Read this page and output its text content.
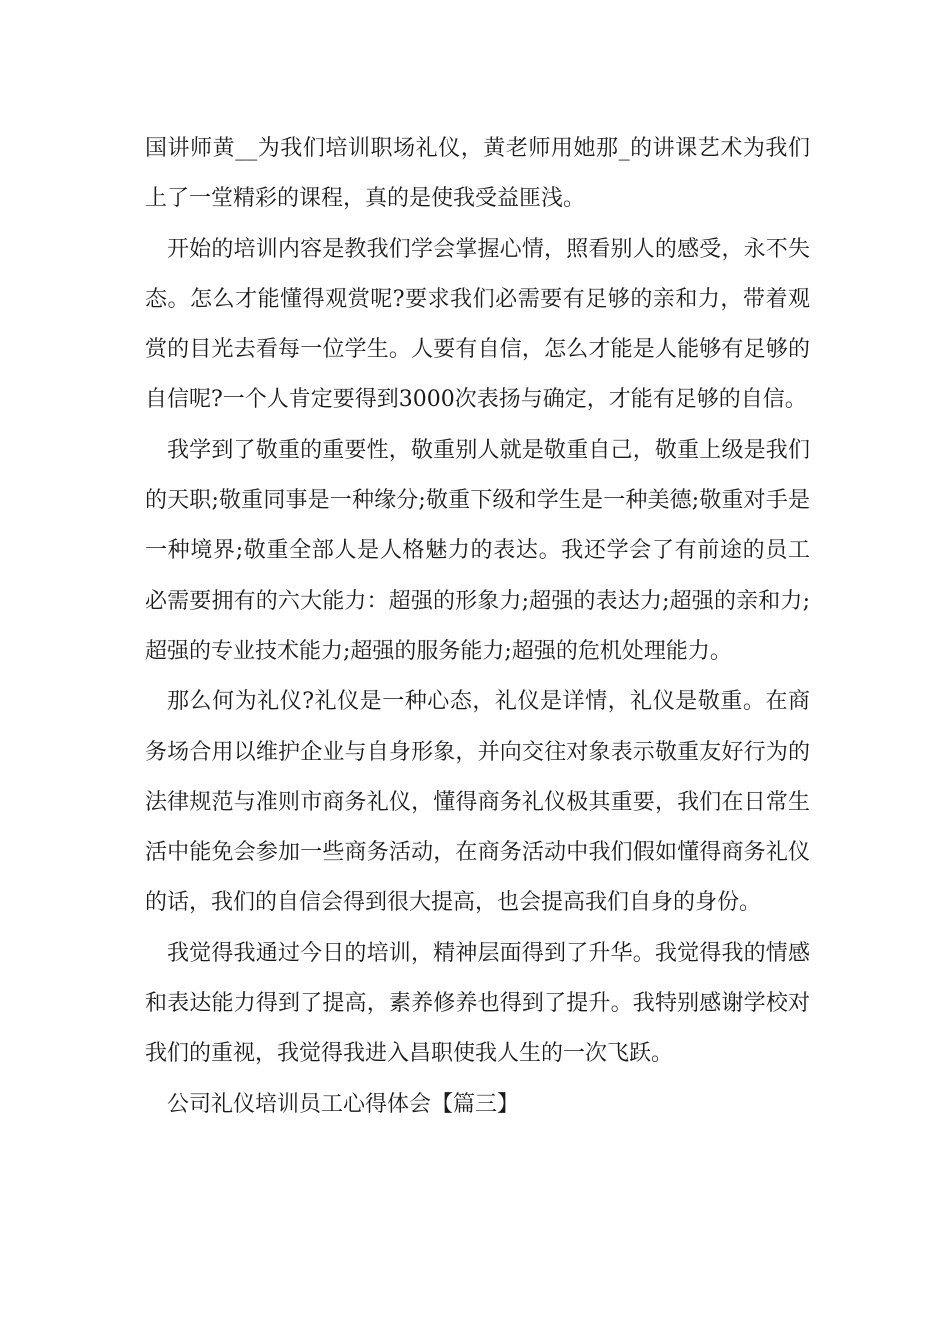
国讲师黄__为我们培训职场礼仪，黄老师用她那_的讲课艺术为我们上了一堂精彩的课程，真的是使我受益匪浅。

开始的培训内容是教我们学会掌握心情，照看别人的感受，永不失态。怎么才能懂得观赏呢?要求我们必需要有足够的亲和力，带着观赏的目光去看每一位学生。人要有自信，怎么才能是人能够有足够的自信呢?一个人肯定要得到3000次表扬与确定，才能有足够的自信。

我学到了敬重的重要性，敬重别人就是敬重自己，敬重上级是我们的天职;敬重同事是一种缘分;敬重下级和学生是一种美德;敬重对手是一种境界;敬重全部人是人格魅力的表达。我还学会了有前途的员工必需要拥有的六大能力：超强的形象力;超强的表达力;超强的亲和力;超强的专业技术能力;超强的服务能力;超强的危机处理能力。

那么何为礼仪?礼仪是一种心态，礼仪是详情，礼仪是敬重。在商务场合用以维护企业与自身形象，并向交往对象表示敬重友好行为的法律规范与准则市商务礼仪，懂得商务礼仪极其重要，我们在日常生活中能免会参加一些商务活动，在商务活动中我们假如懂得商务礼仪的话，我们的自信会得到很大提高，也会提高我们自身的身份。

我觉得我通过今日的培训，精神层面得到了升华。我觉得我的情感和表达能力得到了提高，素养修养也得到了提升。我特别感谢学校对我们的重视，我觉得我进入昌职使我人生的一次飞跃。

公司礼仪培训员工心得体会【篇三】
